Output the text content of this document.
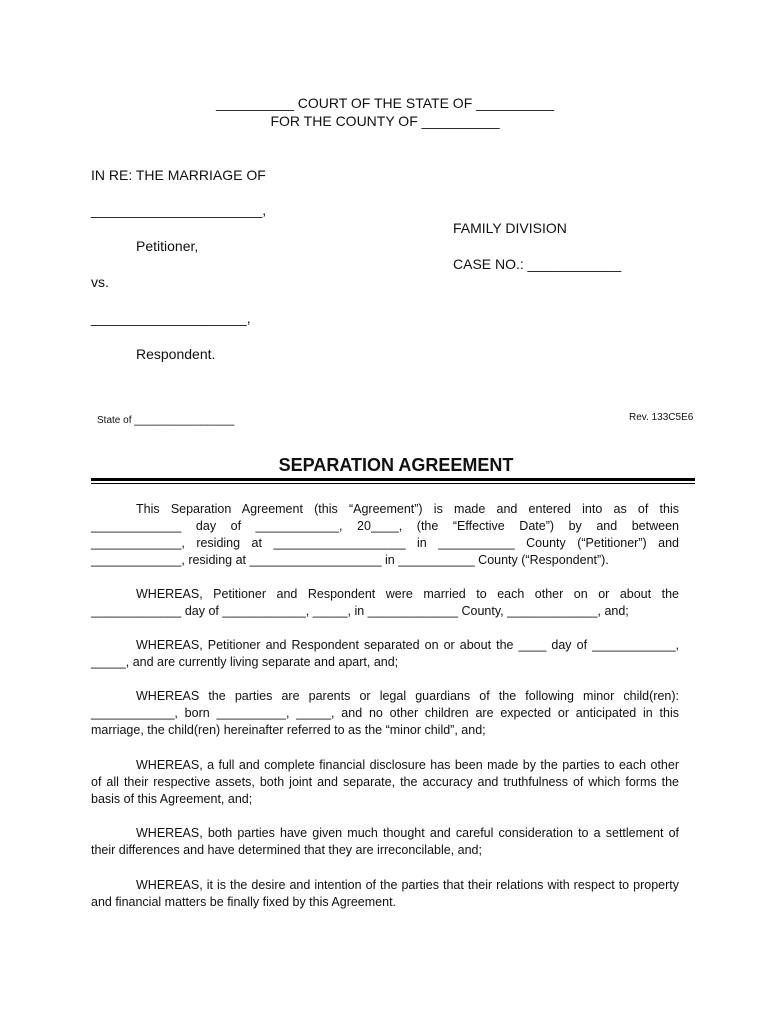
__________ COURT OF THE STATE OF __________
FOR THE COUNTY OF __________
IN RE: THE MARRIAGE OF
______________________,
Petitioner,
vs.
____________________,
Respondent.
FAMILY DIVISION
CASE NO.: ____________
State of _______________	Rev. 133C5E6
SEPARATION AGREEMENT
This Separation Agreement (this “Agreement”) is made and entered into as of this
_____________ day of ____________, 20____, (the “Effective Date”) by and between
_____________, residing at ___________________ in ___________ County (“Petitioner”) and
_____________, residing at ___________________ in ___________ County (“Respondent”).
WHEREAS, Petitioner and Respondent were married to each other on or about the
_____________ day of ____________, _____, in _____________ County, _____________, and;
WHEREAS, Petitioner and Respondent separated on or about the ____ day of ____________,
_____, and are currently living separate and apart, and;
WHEREAS the parties are parents or legal guardians of the following minor child(ren):
____________, born __________, _____, and no other children are expected or anticipated in this
marriage, the child(ren) hereinafter referred to as the “minor child”, and;
WHEREAS, a full and complete financial disclosure has been made by the parties to each other
of all their respective assets, both joint and separate, the accuracy and truthfulness of which forms the
basis of this Agreement, and;
WHEREAS, both parties have given much thought and careful consideration to a settlement of
their differences and have determined that they are irreconcilable, and;
WHEREAS, it is the desire and intention of the parties that their relations with respect to property
and financial matters be finally fixed by this Agreement.
